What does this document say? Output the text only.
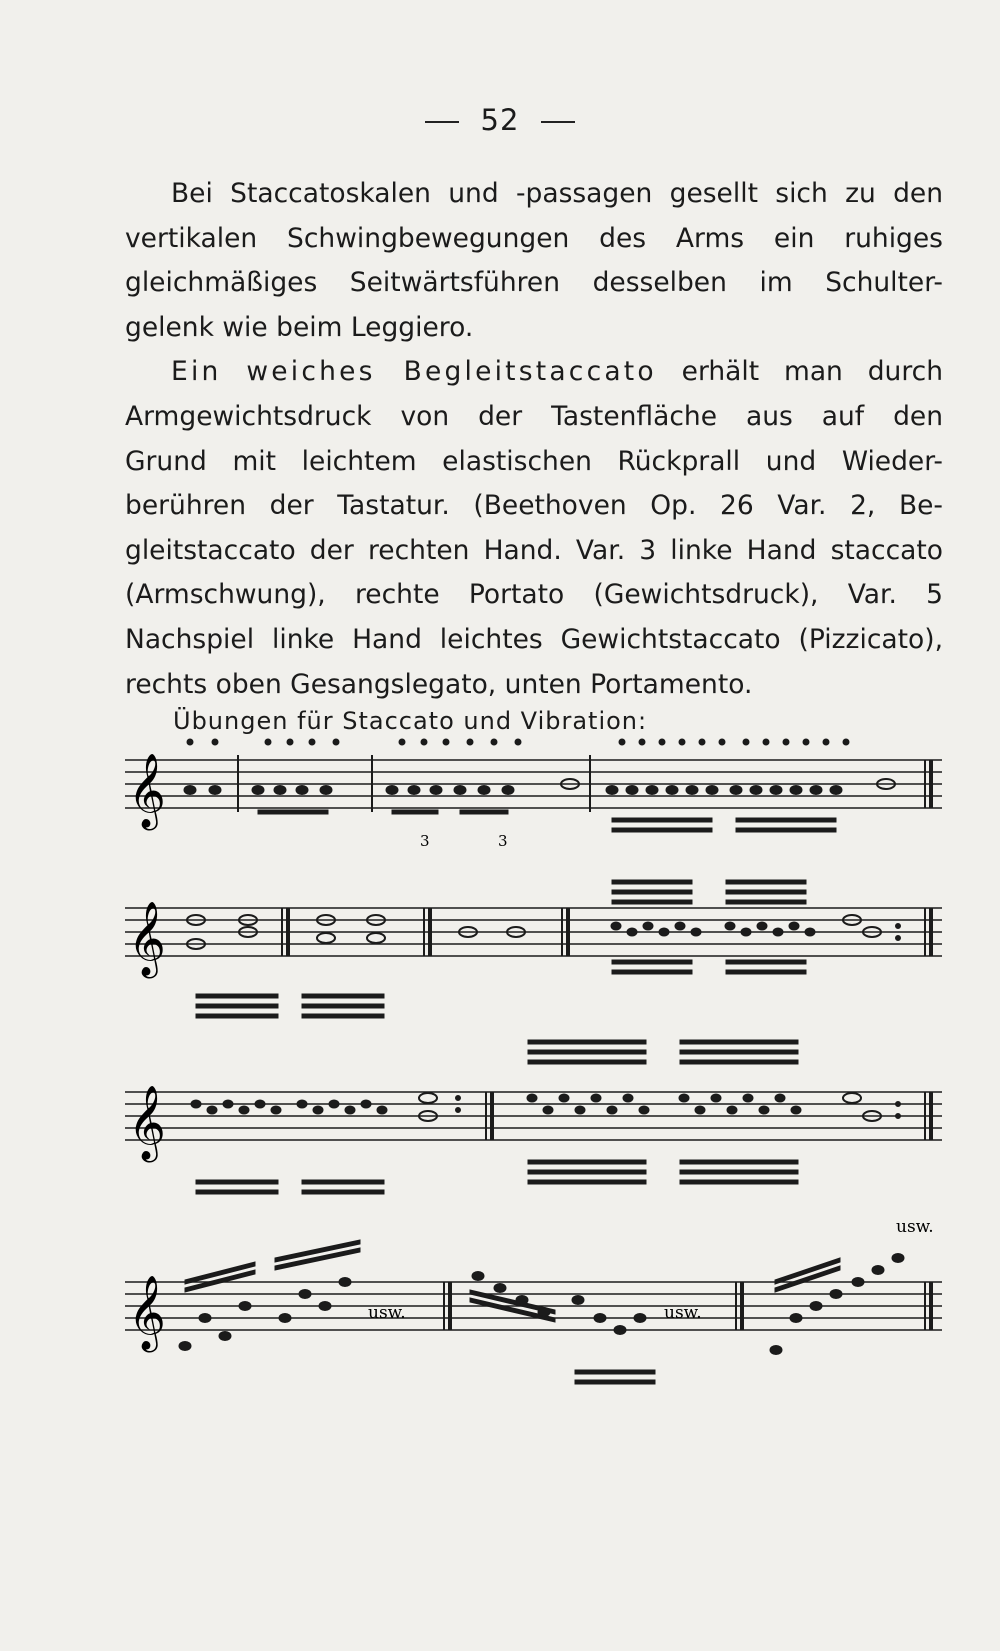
52
Bei Staccatoskalen und -passagen gesellt sich zu den
vertikalen Schwingbewegungen des Arms ein ruhiges
gleichmäßiges Seitwärtsführen desselben im Schulter-
gelenk wie beim Leggiero.
Ein weiches Begleitstaccato erhält man durch
Armgewichtsdruck von der Tastenfläche aus auf den
Grund mit leichtem elastischen Rückprall und Wieder-
berühren der Tastatur. (Beethoven Op. 26 Var. 2, Be-
gleitstaccato der rechten Hand. Var. 3 linke Hand staccato
(Armschwung), rechte Portato (Gewichtsdruck), Var. 5
Nachspiel linke Hand leichtes Gewichtstaccato (Pizzicato),
rechts oben Gesangslegato, unten Portamento.
Übungen für Staccato und Vibration:
𝄞
3	3
𝄞
𝄞
𝄞	usw.	usw.
usw.
